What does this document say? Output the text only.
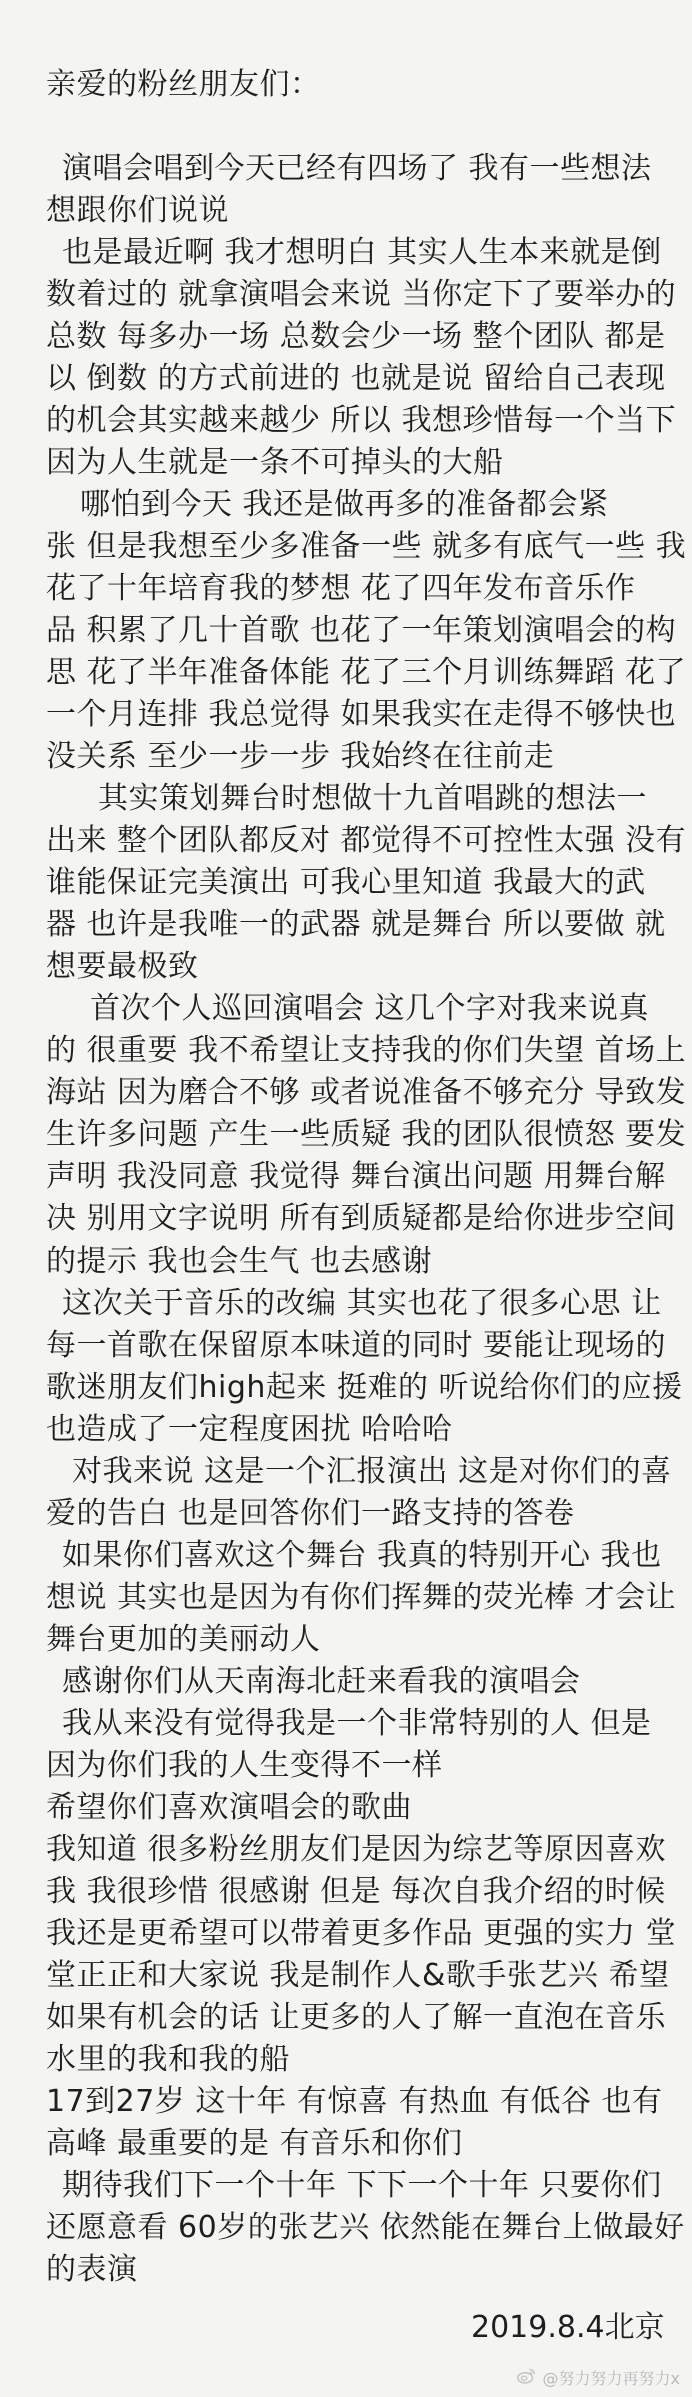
亲爱的粉丝朋友们：
演唱会唱到今天已经有四场了 我有一些想法
想跟你们说说
也是最近啊 我才想明白 其实人生本来就是倒
数着过的 就拿演唱会来说 当你定下了要举办的
总数 每多办一场 总数会少一场 整个团队 都是
以 倒数 的方式前进的 也就是说 留给自己表现
的机会其实越来越少 所以 我想珍惜每一个当下
因为人生就是一条不可掉头的大船
哪怕到今天 我还是做再多的准备都会紧
张 但是我想至少多准备一些 就多有底气一些 我
花了十年培育我的梦想 花了四年发布音乐作
品 积累了几十首歌 也花了一年策划演唱会的构
思 花了半年准备体能 花了三个月训练舞蹈 花了
一个月连排 我总觉得 如果我实在走得不够快也
没关系 至少一步一步 我始终在往前走
其实策划舞台时想做十九首唱跳的想法一
出来 整个团队都反对 都觉得不可控性太强 没有
谁能保证完美演出 可我心里知道 我最大的武
器 也许是我唯一的武器 就是舞台 所以要做 就
想要最极致
首次个人巡回演唱会 这几个字对我来说真
的 很重要 我不希望让支持我的你们失望 首场上
海站 因为磨合不够 或者说准备不够充分 导致发
生许多问题 产生一些质疑 我的团队很愤怒 要发
声明 我没同意 我觉得 舞台演出问题 用舞台解
决 别用文字说明 所有到质疑都是给你进步空间
的提示 我也会生气 也去感谢
这次关于音乐的改编 其实也花了很多心思 让
每一首歌在保留原本味道的同时 要能让现场的
歌迷朋友们high起来 挺难的 听说给你们的应援
也造成了一定程度困扰 哈哈哈
对我来说 这是一个汇报演出 这是对你们的喜
爱的告白 也是回答你们一路支持的答卷
如果你们喜欢这个舞台 我真的特别开心 我也
想说 其实也是因为有你们挥舞的荧光棒 才会让
舞台更加的美丽动人
感谢你们从天南海北赶来看我的演唱会
我从来没有觉得我是一个非常特别的人 但是
因为你们我的人生变得不一样
希望你们喜欢演唱会的歌曲
我知道 很多粉丝朋友们是因为综艺等原因喜欢
我 我很珍惜 很感谢 但是 每次自我介绍的时候
我还是更希望可以带着更多作品 更强的实力 堂
堂正正和大家说 我是制作人&歌手张艺兴 希望
如果有机会的话 让更多的人了解一直泡在音乐
水里的我和我的船
17到27岁 这十年 有惊喜 有热血 有低谷 也有
高峰 最重要的是 有音乐和你们
期待我们下一个十年 下下一个十年 只要你们
还愿意看 60岁的张艺兴 依然能在舞台上做最好
的表演
2019.8.4北京
@努力努力再努力x
